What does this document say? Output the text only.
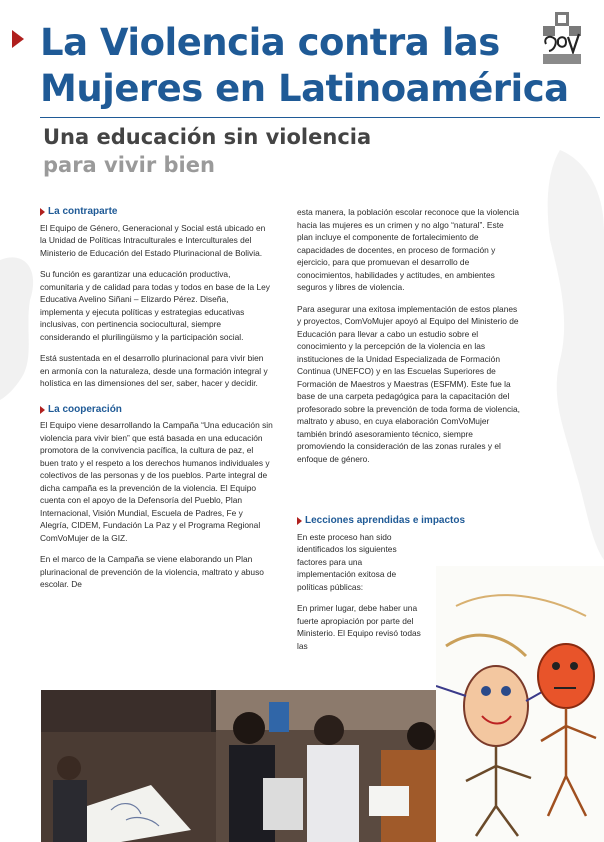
La Violencia contra las
Mujeres en Latinoamérica
Una educación sin violencia
para vivir bien
La contraparte

El Equipo de Género, Generacional y Social está ubicado en la Unidad de Políticas Intraculturales e Interculturales del Ministerio de Educación del Estado Plurinacional de Bolivia.

Su función es garantizar una educación productiva, comunitaria y de calidad para todas y todos en base de la Ley Educativa Avelino Siñani – Elizardo Pérez. Diseña, implementa y ejecuta políticas y estrategias educativas inclusivas, con pertinencia sociocultural, siempre considerando el plurilingüismo y la participación social.

Está sustentada en el desarrollo plurinacional para vivir bien en armonía con la naturaleza, desde una formación integral y holística en las dimensiones del ser, saber, hacer y decidir.

La cooperación

El Equipo viene desarrollando la Campaña “Una educación sin violencia para vivir bien” que está basada en una educación promotora de la convivencia pacífica, la cultura de paz, el buen trato y el respeto a los derechos humanos individuales y colectivos de las personas y de los pueblos. Parte integral de dicha campaña es la prevención de la violencia. El Equipo cuenta con el apoyo de la Defensoría del Pueblo, Plan Internacional, Visión Mundial, Escuela de Padres, Fe y Alegría, CIDEM, Fundación La Paz y el Programa Regional ComVoMujer de la GIZ.

En el marco de la Campaña se viene elaborando un Plan plurinacional de prevención de la violencia, maltrato y abuso escolar. De

esta manera, la población escolar reconoce que la violencia hacia las mujeres es un crimen y no algo “natural”. Este plan incluye el componente de fortalecimiento de capacidades de docentes, en proceso de formación y ejercicio, para que promuevan el desarrollo de conocimientos, habilidades y actitudes, en ambientes seguros y libres de violencia.

Para asegurar una exitosa implementación de estos planes y proyectos, ComVoMujer apoyó al Equipo del Ministerio de Educación para llevar a cabo un estudio sobre el conocimiento y la percepción de la violencia en las instituciones de la Unidad Especializada de Formación Continua (UNEFCO) y en las Escuelas Superiores de Formación de Maestros y Maestras (ESFMM). Este fue la base de una carpeta pedagógica para la capacitación del profesorado sobre la prevención de toda forma de violencia, maltrato y abuso, en cuya elaboración ComVoMujer también brindó asesoramiento técnico, siempre promoviendo la consideración de las zonas rurales y el enfoque de género.

Lecciones aprendidas e impactos

En este proceso han sido identificados los siguientes factores para una implementación exitosa de políticas públicas:

En primer lugar, debe haber una fuerte apropiación por parte del Ministerio. El Equipo revisó todas las
